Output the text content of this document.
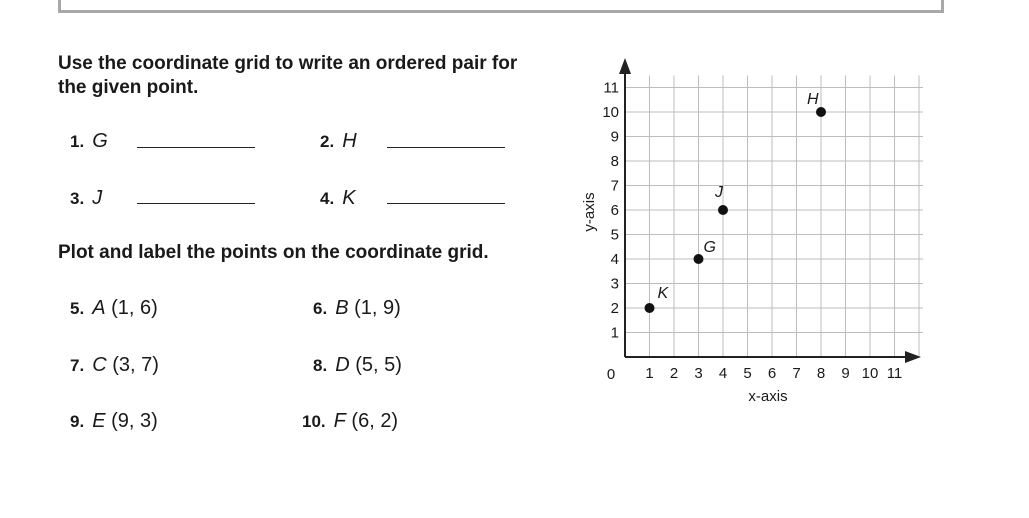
Use the coordinate grid to write an ordered pair for
the given point.
1. G	2. H
3. J	4. K
Plot and label the points on the coordinate grid.
5. A (1, 6)	6. B (1, 9)
7. C (3, 7)	8. D (5, 5)
9. E (9, 3)	10. F (6, 2)
1 2 3 4 5 6 7 8 9 10 11
1
2
3
4
5
6
7
8
9
10
11
K
G
J
H
x-axis
y-axis
0
